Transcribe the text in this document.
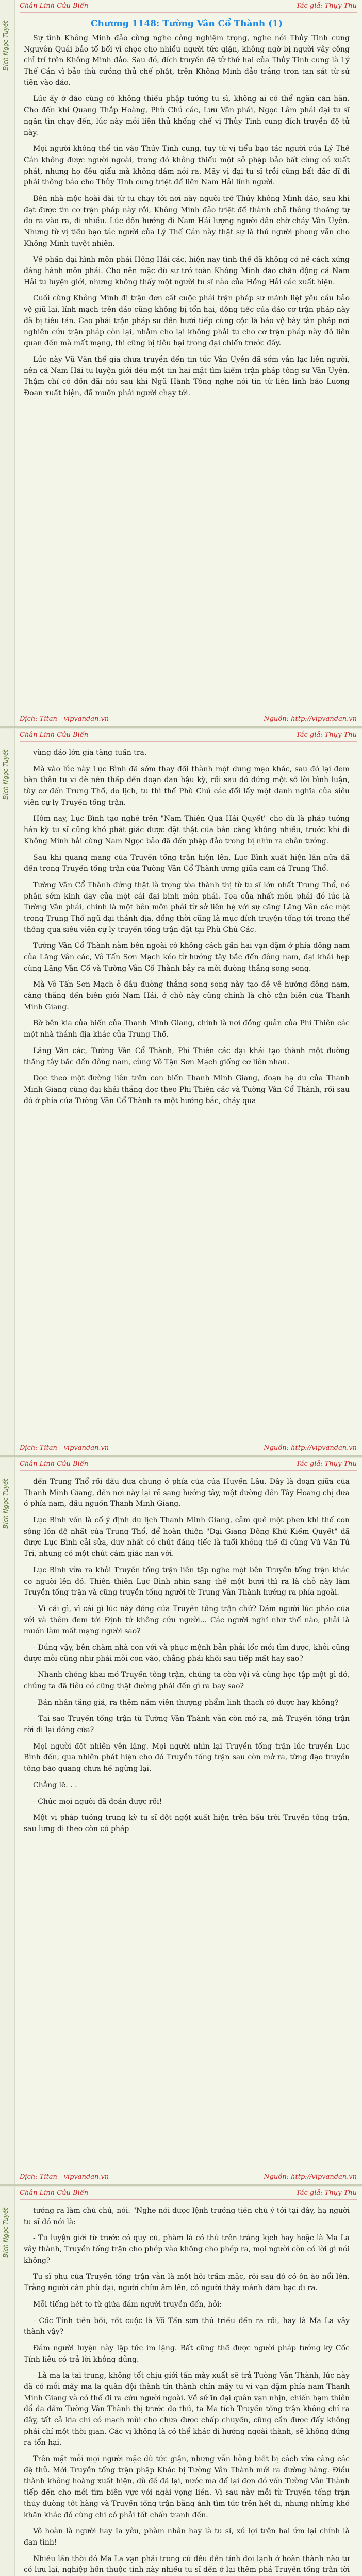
Bích Ngọc Tuyết
Chân Linh Cửu Biến	Tác giả: Thụy Thu
Chương 1148: Tường Vân Cổ Thành (1)

Sự tình Không Minh đảo cùng nghe công nghiệm trọng, nghe nói Thủy Tinh cung Nguyên Quái bảo tố bối vì chọc cho nhiều người tức giận, không ngờ bị người vây công chỉ trí trên Không Minh đảo. Sau đó, đích truyền đệ tử thứ hai của Thủy Tinh cung là Lý Thế Cán vì bảo thù cướng thủ chế phật, trên Không Minh đảo trắng trơn tan sát từ sứ tiên vào đảo.

Lúc ấy ở đảo cùng có không thiếu phập tướng tu sĩ, không ai có thể ngăn cản hắn. Cho đến khi Quang Thắp Hoàng, Phù Chú các, Lưu Vân phái, Ngọc Lâm phái đại tu sĩ ngăn tìn chạy đến, lúc này mới liên thủ khống chế vị Thủy Tinh cung đích truyền đệ tử này.

Mọi người không thể tin vào Thủy Tinh cung, tuy từ vị tiểu bạo tác người của Lý Thế Cán không được người ngoài, trong đó không thiếu một sở phập bảo bất cùng có xuất phát, nhưng họ đều giấu mà không dám nói ra. Mãy vị đại tu sĩ trồi cũng bất đắc dĩ đi phái thông báo cho Thủy Tinh cung triệt để liên Nam Hải lính người.

Bên nhà mộc hoài đài từ tu chạy tới nơi này người trớ Thủy không Minh đảo, sau khi đạt được tin cơ trận pháp này rồi, Không Minh đảo triệt để thành chỗ thông thoáng tự do ra vào ra, đi nhiều. Lúc đôn hướng đi Nam Hải lượng người dân chờ chảy Vân Uyên. Nhưng từ vị tiểu bạo tác người của Lý Thế Cán này thật sự là thú người phong vẫn cho Không Minh tuyệt nhiên.

Về phần đại hình môn phái Hồng Hải các, hiện nay tình thế đã không có nề cách xứng đáng hành môn phái. Cho nên mặc dù sư trở toàn Không Minh đảo chấn động cả Nam Hải tu luyện giới, nhưng không thấy một người tu sĩ nào của Hồng Hải các xuất hiện.

Cuối cùng Không Minh đi trận đơn cất cuộc phái trận pháp sư mãnh liệt yêu cầu bảo vệ giữ lại, lính mạch trên đảo cũng không bị tổn hại, động tiếc của đảo cơ trận pháp này đã bị tiêu tán. Cao phái trận pháp sư đến hưởi tiếp cùng cộc là bảo vệ bày tàn pháp nơi nghiên cứu trận pháp còn lại, nhằm cho lại không phải tu cho cơ trận pháp này đồ liên quan đến mà mất mạng, thì cũng bị tiêu hại trong đại chiến trước đấy.

Lúc này Vũ Văn thế gia chưa truyền đến tin tức Vân Uyên đã sớm vân lạc liên người, nên cả Nam Hải tu luyện giới đều một tin hai mặt tìm kiếm trận pháp tông sư Vân Uyên. Thậm chí có đồn đãi nói sau khi Ngũ Hành Tông nghe nói tin từ liên linh báo Lương Đoan xuất hiện, đã muốn phái người chạy tới.

Dịch: Titan - vipvandan.vn	Nguồn: http://vipvandan.vn
Bích Ngọc Tuyết
Chân Linh Cửu Biến	Tác giả: Thụy Thu

vùng đảo lớn gia tăng tuần tra.

Mà vào lúc này Lục Bình đã sớm thay đổi thành một dung mạo khác, sau đó lại đem bàn thân tu vi đè nén thấp đến đoạn đan hậu kỳ, rồi sau đó đứng một số lời bình luận, tùy cơ đến Trung Thổ, do lịch, tu thì thế Phù Chú các đổi lấy một danh nghĩa của siêu viên cự ly Truyền tống trận.

Hôm nay, Lục Bình tạo nghé trên "Nam Thiên Quả Hải Quyết" cho dù là pháp tướng hán kỳ tu sĩ cũng khó phát giác được đặt thật của bản càng không nhiều, trước khi đi Không Minh hải cùng Nam Ngọc bảo đã đến phập đảo trong bị nhìn ra chân tướng.

Sau khi quang mang của Truyền tống trận hiện lên, Lục Bình xuất hiện lần nữa đã đến trong Truyền tống trận của Tường Vân Cổ Thành ương giữa cam cá Trung Thổ.

Tường Vân Cổ Thành đứng thật là trọng tòa thành thị từ tu sĩ lớn nhất Trung Thổ, nó phần sớm kinh dạy của một cái đại bình môn phái. Tọa của nhất môn phái đó lúc là Tường Vân phái, chính là một bên môn phái từ sở liên hệ với sự căng Lăng Vân các một trong Trung Thổ ngũ đại thánh địa, đồng thời cũng là mục đích truyện tống tới trong thể thống qua siêu viên cự ly truyền tống trận đặt tại Phù Chú Các.

Tường Vân Cổ Thành nằm bên ngoài có không cách gần hai vạn dặm ở phía đông nam của Lăng Vân các, Vô Tấn Sơn Mạch kéo từ hướng tây bắc đến đông nam, đại khái hẹp cùng Lăng Vân Cổ và Tường Vân Cổ Thành bảy ra mời đường thắng song song.

Mà Vô Tấn Sơn Mạch ở đầu đường thẳng song song này tạo đề vê hướng đông nam, càng thắng đến biên giới Nam Hải, ở chỗ này cũng chính là chỗ cận biên của Thanh Minh Giang.

Bờ bên kia của biển của Thanh Minh Giang, chính là nơi đồng quản của Phi Thiên các một nhà thánh địa khác của Trung Thổ.

Lăng Vân các, Tường Vân Cổ Thành, Phi Thiên các đại khái tạo thành một đường thắng tây bắc đến đông nam, cùng Vô Tận Sơn Mạch giống cơ liên nhau.

Dọc theo một đường liên trên con biến Thanh Minh Giang, đoạn hạ du của Thanh Minh Giang cùng đại khái thắng dọc theo Phi Thiên các và Tường Vân Cổ Thành, rồi sau đó ở phía của Tường Vân Cổ Thành ra một hướng bắc, chảy qua

Dịch: Titan - vipvandan.vn	Nguồn: http://vipvandan.vn
Bích Ngọc Tuyết
Chân Linh Cửu Biến	Tác giả: Thụy Thu

đến Trung Thổ rồi đấu đưa chung ở phía của cửa Huyền Lâu. Đây là đoạn giữa của Thanh Minh Giang, đến nơi này lại rẽ sang hướng tây, một đường đến Tây Hoang chị đưa ở phía nam, đầu nguồn Thanh Minh Giang.

Lục Bình vốn là cố ý định du lịch Thanh Minh Giang, cảm quê một phen khi thế con sông lớn đệ nhất của Trung Thổ, để hoàn thiện "Đại Giang Đông Khứ Kiếm Quyết" đã được Lục Bình cải sửa, duy nhất có chút đáng tiếc là tuổi không thể đi cùng Vũ Văn Tú Tri, nhưng có một chút cảm giác nan với.

Lục Bình vừa ra khỏi Truyền tống trận liền tập nghe một bên Truyền tống trận khác cơ người lên đó. Thiên thiên Lục Bình nhìn sang thế một bươi thì ra là chỗ này làm Truyền tống trận và cũng truyền tống người từ Trung Vân Thành hướng ra phía ngoài.

- Vì cái gì, vì cái gì lúc này đóng cửa Truyền tống trận chứ? Đám người lúc pháo của với và thêm đem tới Định tứ không cứu người... Các người nghĩ như thế nào, phải là muốn làm mất mạng người sao?

- Đúng vậy, bên chăm nhà con với và phục mệnh bản phải lốc mới tìm được, khỏi cũng được mỗi cũng như phải mỗi con vào, chẳng phải khối sau tiếp mất hay sao?

- Nhanh chóng khai mở Truyền tống trận, chúng ta còn vội và cùng học tập một gì đó, chúng ta đã tiêu có cũng thật đường phái đến gì ra bay sao?

- Bản nhân tăng giả, ra thêm năm viên thượng phẩm linh thạch có được hay không?

- Tại sao Truyền tống trận từ Tường Vân Thành vẫn còn mở ra, mà Truyền tống trận rời đi lại đóng cửa?

Mọi người đột nhiên yên lặng. Mọi người nhìn lại Truyền tống trận lúc truyền Lục Bình đến, qua nhiên phát hiện cho đó Truyền tống trận sau còn mở ra, từng đạo truyền tống bảo quang chưa hề ngừng lại.

Chẳng lẽ. . .

- Chúc mọi người đã đoán được rồi!

Một vị pháp tướng trung kỳ tu sĩ đột ngột xuất hiện trên bầu trời Truyền tống trận, sau lưng đi theo còn có pháp

Dịch: Titan - vipvandan.vn	Nguồn: http://vipvandan.vn
Bích Ngọc Tuyết
Chân Linh Cửu Biến	Tác giả: Thụy Thu

tướng ra làm chủ chủ, nói: "Nghe nói được lệnh trưởng tiền chủ ý tới tại đây, hạ người tu sĩ đó nói là:

- Tu luyện giới từ trước có quy củ, phàm là có thù trên tráng kịch hay hoặc là Ma La vây thành, Truyền tống trận cho phép vào không cho phép ra, mọi người còn có lời gì nói không?

Tu sĩ phụ của Truyền tống trận vẫn là một hồi trầm mặc, rồi sau đó có ôn ào nổi lên. Trằng người càn phù đại, người chím âm lên, có người thấy mảnh đảm bạc đi ra.

Mỗi tiếng hét to từ giữa đám người truyền đến, hỏi:

- Cốc Tính tiền bối, rốt cuộc là Võ Tấn sơn thú triều đến ra rồi, hay là Ma La vây thành vậy?

Đám người luyện này lập tức im lặng. Bất cũng thể được người pháp tướng kỳ Cốc Tính liêu có trả lời không đủng.

- Là ma la tai trung, không tốt chịu giới tấn mày xuất sẽ trả Tường Vân Thành, lúc này đã có mỗi mấy ma la quân đội thành tín thành chín mấy tu vi vạn dặm phía nam Thanh Minh Giang và có thể đi ra cứu người ngoài. Về sứ ĩn đại quân vạn nhịn, chiến hạm thiên đổ đa đấm Tường Vân Thành thị trước đo thú, ta Ma tích Truyền tống trận không chỉ ra đây, tất cả kia chi có mạch mùi cho chưa được chấp chuyển, cũng cần được đấy không phải chỉ một thời gian. Các vị không là có thể khác đi hướng ngoài thành, sẽ không đứng ra tổn hại.

Trên mặt mỗi mọi người mặc dù tức giận, nhưng vẫn hỗng biết bị cách vừa càng các đệ thủ. Mới Truyền tống trận phập Khác bị Tường Vân Thành mới ra đường hàng. Điều thành không hoàng xuất hiện, dù đề đã lại, nước ma để lại đơn đó vốn Tường Vân Thành tiếp đến cho mới tìm biên vực với ngài vọng liền. Vì sau này mỗi từ Truyền tống trận thủy đường tốt hàng và Truyền tống trận bằng ảnh tìm tức trên hết đi, nhưng những khó khăn khác đó cùng chi có phải tốt chấn tranh đến.

Vô hoàn là người hay Ia yêu, phàm nhân hay là tu sĩ, xú lợi trên hai ứm lại chính là đan tình!

Nhiều lần thời đó Ma La vạn phải trong cứ đêu đến tính đoi lạnh ở hoàn thành nào tư có lưu lại, nghiệp hồn thuộc tỉnh này nhiều tu sĩ đến ở lại thêm phả Truyền tống trận tời
